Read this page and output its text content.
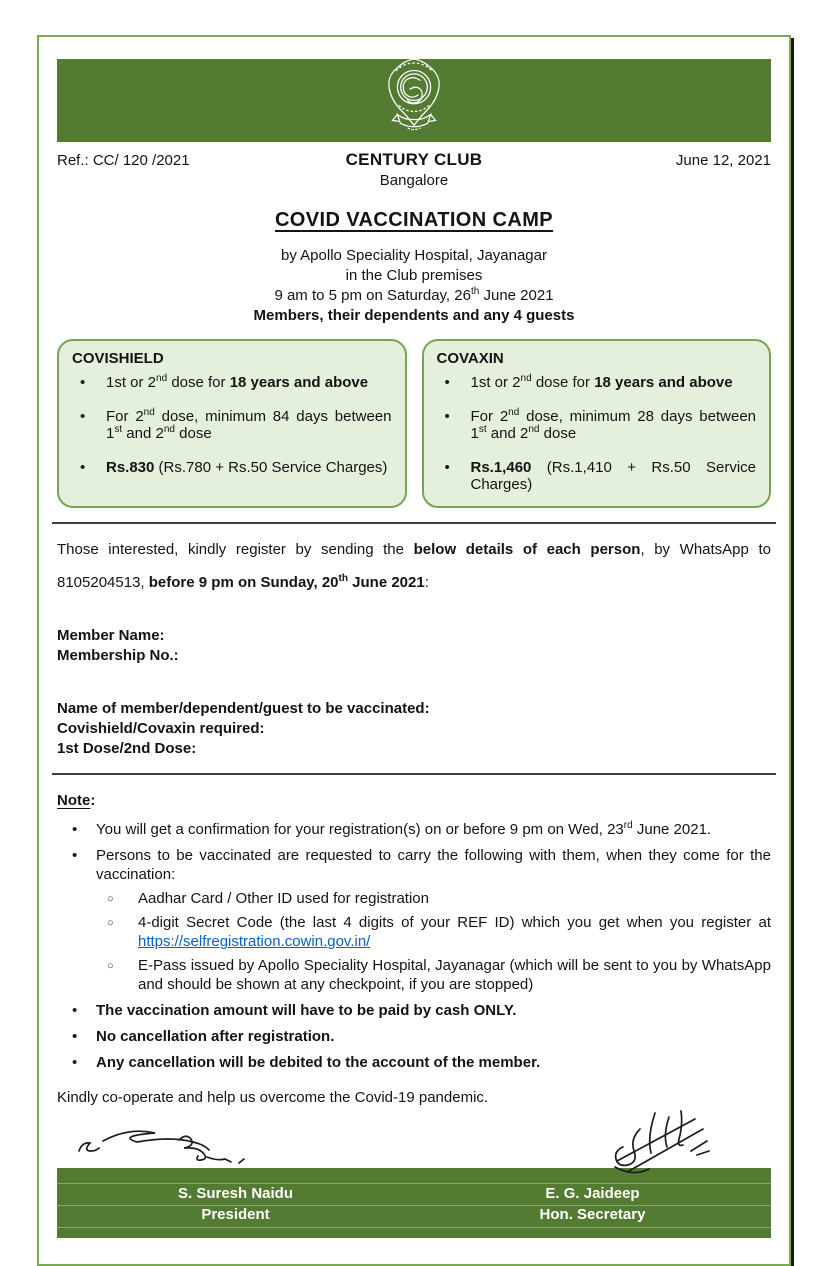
Ref.: CC/ 120 /2021	CENTURY CLUB	June 12, 2021
Bangalore
COVID VACCINATION CAMP
by Apollo Speciality Hospital, Jayanagar
in the Club premises
9 am to 5 pm on Saturday, 26th June 2021
Members, their dependents and any 4 guests
COVISHIELD
• 1st or 2nd dose for 18 years and above
• For 2nd dose, minimum 84 days between 1st and 2nd dose
• Rs.830 (Rs.780 + Rs.50 Service Charges)
COVAXIN
• 1st or 2nd dose for 18 years and above
• For 2nd dose, minimum 28 days between 1st and 2nd dose
• Rs.1,460 (Rs.1,410 + Rs.50 Service Charges)

Those interested, kindly register by sending the below details of each person, by WhatsApp to 8105204513, before 9 pm on Sunday, 20th June 2021:

Member Name:
Membership No.:
Name of member/dependent/guest to be vaccinated:
Covishield/Covaxin required:
1st Dose/2nd Dose:

Note:

• You will get a confirmation for your registration(s) on or before 9 pm on Wed, 23rd June 2021.
• Persons to be vaccinated are requested to carry the following with them, when they come for the vaccination:
○ Aadhar Card / Other ID used for registration
○ 4-digit Secret Code (the last 4 digits of your REF ID) which you get when you register at https://selfregistration.cowin.gov.in/
○ E-Pass issued by Apollo Speciality Hospital, Jayanagar (which will be sent to you by WhatsApp and should be shown at any checkpoint, if you are stopped)
• The vaccination amount will have to be paid by cash ONLY.
• No cancellation after registration.
• Any cancellation will be debited to the account of the member.

Kindly co-operate and help us overcome the Covid-19 pandemic.

S. Suresh Naidu
President
E. G. Jaideep
Hon. Secretary
